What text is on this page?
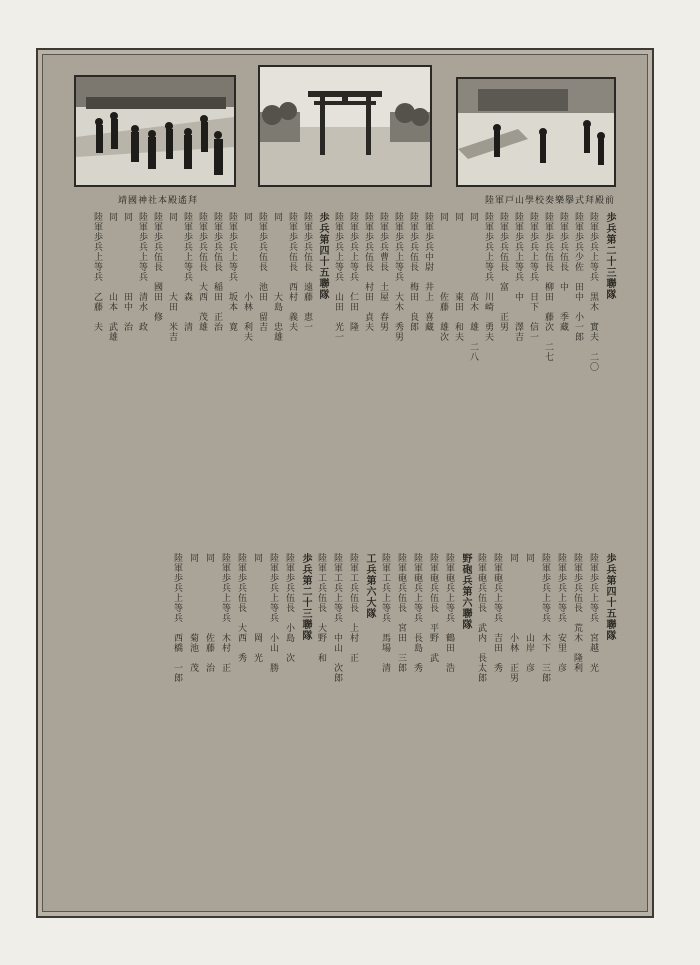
靖國神社本殿遙拜	陸軍戸山學校奏樂擧式拜殿前
歩兵第二十三聯隊
陸軍歩兵上等兵　黒木　實夫　二〇
陸軍歩兵少佐　田中　小一郎
陸軍歩兵伍長　中　　季藏
陸軍歩兵伍長　柳田　藤次　二七
陸軍歩兵上等兵　日下　信一
陸軍歩兵上等兵　中　　澤吉
陸軍歩兵伍長　富　　正男
陸軍歩兵上等兵　川崎　勇夫
同　　　　　　　高木　雄　二八
同　　　　　　　東田　和夫
同　　　　　　　佐藤　雄次
陸軍歩兵中尉　井上　喜藏
陸軍歩兵伍長　梅田　良郎
陸軍歩兵上等兵　大木　秀男
陸軍歩兵曹長　土屋　春男
陸軍歩兵伍長　村田　貞夫
陸軍歩兵上等兵　仁田　隆
陸軍歩兵上等兵　山田　光一
歩兵第四十五聯隊
陸軍歩兵伍長　遠藤　恵一
陸軍歩兵伍長　西村　義夫
同　　　　　　　大島　忠雄
陸軍歩兵伍長　池田　留吉
同　　　　　　　小林　利夫
陸軍歩兵上等兵　坂本　寛
陸軍歩兵伍長　稲田　正治
陸軍歩兵伍長　大西　茂雄
陸軍歩兵上等兵　森　　清
同　　　　　　　大田　米吉
陸軍歩兵伍長　國田　修
陸軍歩兵上等兵　清水　政
同　　　　　　　田中　治
同　　　　　　　山本　武雄
陸軍歩兵上等兵　乙藤　夫
歩兵第四十五聯隊
陸軍歩兵上等兵　宮越　光
陸軍歩兵伍長　荒木　隆利
陸軍歩兵上等兵　安里　彦
陸軍歩兵上等兵　木下　三郎
同　　　　　　　山岸　彦
同　　　　　　　小林　正男
陸軍砲兵上等兵　吉田　秀
陸軍砲兵伍長　武内　長太郎
野砲兵第六聯隊
陸軍砲兵上等兵　鶴田　浩
陸軍砲兵伍長　平野　武
陸軍砲兵上等兵　長島　秀
陸軍砲兵伍長　宮田　三郎
陸軍工兵上等兵　馬場　清
工兵第六大隊
陸軍工兵伍長　上村　正
陸軍工兵上等兵　中山　次郎
陸軍工兵伍長　大野　和
歩兵第二十三聯隊
陸軍歩兵伍長　小島　次
陸軍歩兵上等兵　小山　勝
同　　　　　　　岡　光
陸軍歩兵伍長　大西　秀
陸軍歩兵上等兵　木村　正
同　　　　　　　佐藤　治
同　　　　　　　菊池　茂
陸軍歩兵上等兵　西橋　一郎
